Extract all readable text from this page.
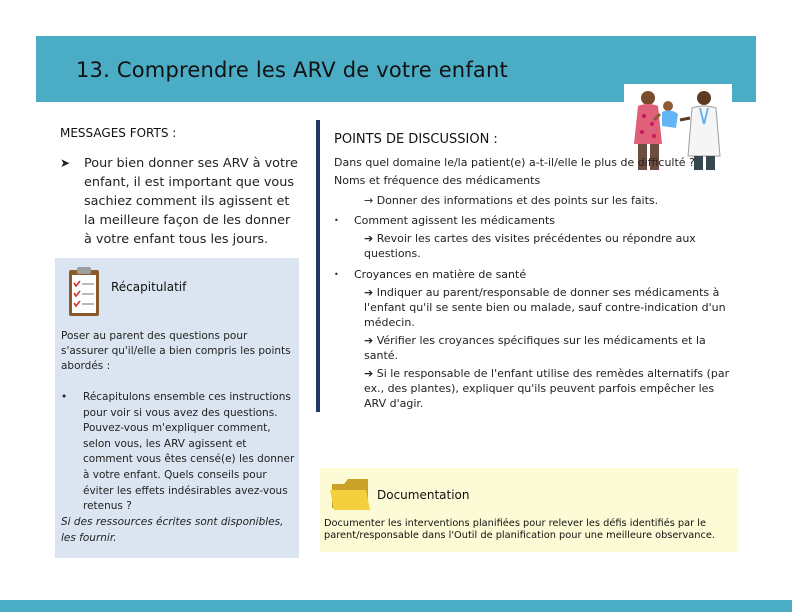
13. Comprendre les ARV de votre enfant

MESSAGES FORTS :

➤ Pour bien donner ses ARV à votre enfant, il est important que vous sachiez comment ils agissent et la meilleure façon de les donner à votre enfant tous les jours.
Récapitulatif
Poser au parent des questions pour s'assurer qu'il/elle a bien compris les points abordés :
• Récapitulons ensemble ces instructions pour voir si vous avez des questions. Pouvez-vous m'expliquer comment, selon vous, les ARV agissent et comment vous êtes censé(e) les donner à votre enfant. Quels conseils pour éviter les effets indésirables avez-vous retenus ?
Si des ressources écrites sont disponibles, les fournir.
POINTS DE DISCUSSION :

Dans quel domaine le/la patient(e) a-t-il/elle le plus de difficulté ?

Noms et fréquence des médicaments

→ Donner des informations et des points sur les faits.

• Comment agissent les médicaments

➔ Revoir les cartes des visites précédentes ou répondre aux questions.

• Croyances en matière de santé

➔ Indiquer au parent/responsable de donner ses médicaments à l'enfant qu'il se sente bien ou malade, sauf contre-indication d'un médecin.

➔ Vérifier les croyances spécifiques sur les médicaments et la santé.

➔ Si le responsable de l'enfant utilise des remèdes alternatifs (par ex., des plantes), expliquer qu'ils peuvent parfois empêcher les ARV d'agir.

Documentation

Documenter les interventions planifiées pour relever les défis identifiés par le parent/responsable dans l'Outil de planification pour une meilleure observance.
